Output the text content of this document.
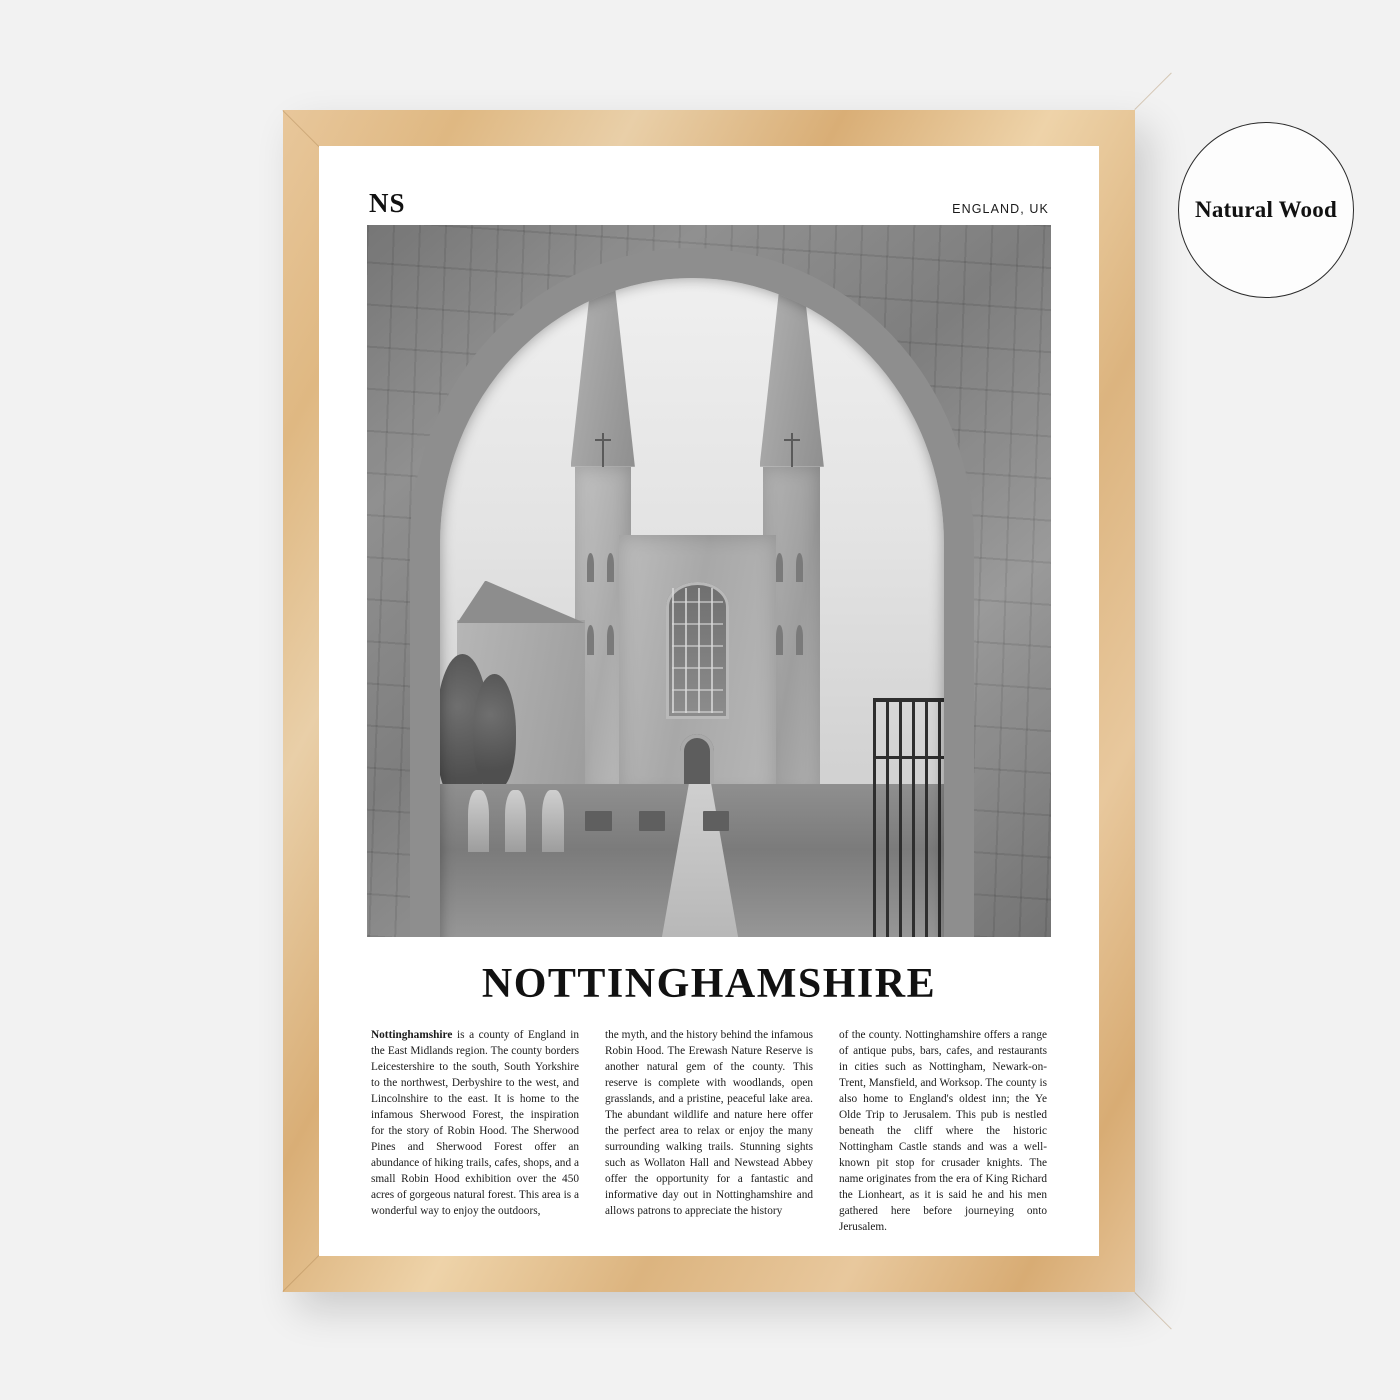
NS	ENGLAND, UK
NOTTINGHAMSHIRE
Nottinghamshire is a county of England in the East Midlands region. The county borders Leicestershire to the south, South Yorkshire to the northwest, Derbyshire to the west, and Lincolnshire to the east. It is home to the infamous Sherwood Forest, the inspiration for the story of Robin Hood. The Sherwood Pines and Sherwood Forest offer an abundance of hiking trails, cafes, shops, and a small Robin Hood exhibition over the 450 acres of gorgeous natural forest. This area is a wonderful way to enjoy the outdoors,
the myth, and the history behind the infamous Robin Hood. The Erewash Nature Reserve is another natural gem of the county. This reserve is complete with woodlands, open grasslands, and a pristine, peaceful lake area. The abundant wildlife and nature here offer the perfect area to relax or enjoy the many surrounding walking trails. Stunning sights such as Wollaton Hall and Newstead Abbey offer the opportunity for a fantastic and informative day out in Nottinghamshire and allows patrons to appreciate the history
of the county. Nottinghamshire offers a range of antique pubs, bars, cafes, and restaurants in cities such as Nottingham, Newark-on-Trent, Mansfield, and Worksop. The county is also home to England's oldest inn; the Ye Olde Trip to Jerusalem. This pub is nestled beneath the cliff where the historic Nottingham Castle stands and was a well-known pit stop for crusader knights. The name originates from the era of King Richard the Lionheart, as it is said he and his men gathered here before journeying onto Jerusalem.
Natural Wood
